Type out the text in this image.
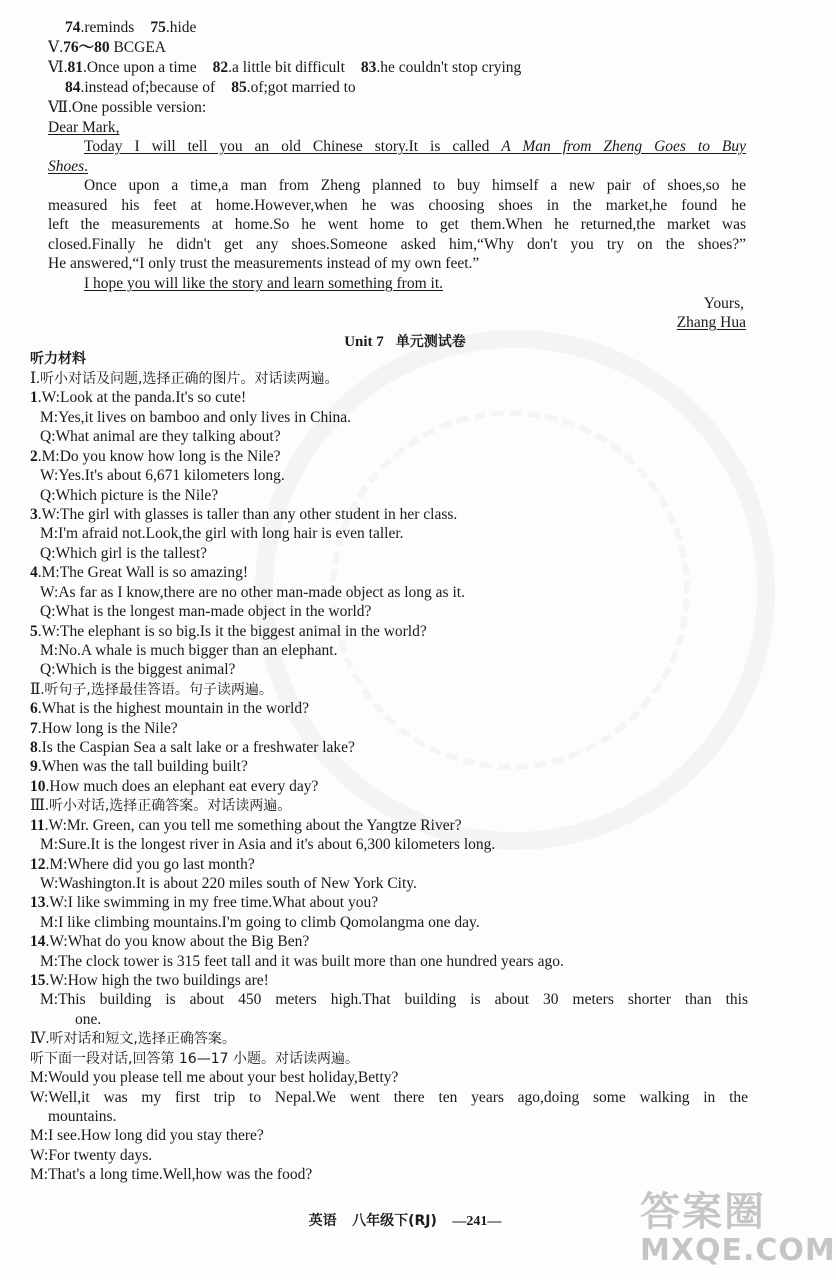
74.reminds 75.hide
Ⅴ.76～80 BCGEA
Ⅵ.81.Once upon a time 82.a little bit difficult 83.he couldn't stop crying
84.instead of;because of 85.of;got married to
Ⅶ.One possible version:
Dear Mark,
Today I will tell you an old Chinese story.It is called A Man from Zheng Goes to Buy
Shoes.
Once upon a time,a man from Zheng planned to buy himself a new pair of shoes,so he
measured his feet at home.However,when he was choosing shoes in the market,he found he
left the measurements at home.So he went home to get them.When he returned,the market was
closed.Finally he didn't get any shoes.Someone asked him,“Why don't you try on the shoes?”
He answered,“I only trust the measurements instead of my own feet.”
I hope you will like the story and learn something from it.
Yours,
Zhang Hua
Unit 7 单元测试卷
听力材料
Ⅰ.听小对话及问题,选择正确的图片。对话读两遍。
1.W:Look at the panda.It's so cute!
M:Yes,it lives on bamboo and only lives in China.
Q:What animal are they talking about?
2.M:Do you know how long is the Nile?
W:Yes.It's about 6,671 kilometers long.
Q:Which picture is the Nile?
3.W:The girl with glasses is taller than any other student in her class.
M:I'm afraid not.Look,the girl with long hair is even taller.
Q:Which girl is the tallest?
4.M:The Great Wall is so amazing!
W:As far as I know,there are no other man-made object as long as it.
Q:What is the longest man-made object in the world?
5.W:The elephant is so big.Is it the biggest animal in the world?
M:No.A whale is much bigger than an elephant.
Q:Which is the biggest animal?
Ⅱ.听句子,选择最佳答语。句子读两遍。
6.What is the highest mountain in the world?
7.How long is the Nile?
8.Is the Caspian Sea a salt lake or a freshwater lake?
9.When was the tall building built?
10.How much does an elephant eat every day?
Ⅲ.听小对话,选择正确答案。对话读两遍。
11.W:Mr. Green, can you tell me something about the Yangtze River?
M:Sure.It is the longest river in Asia and it's about 6,300 kilometers long.
12.M:Where did you go last month?
W:Washington.It is about 220 miles south of New York City.
13.W:I like swimming in my free time.What about you?
M:I like climbing mountains.I'm going to climb Qomolangma one day.
14.W:What do you know about the Big Ben?
M:The clock tower is 315 feet tall and it was built more than one hundred years ago.
15.W:How high the two buildings are!
M:This building is about 450 meters high.That building is about 30 meters shorter than this
one.
Ⅳ.听对话和短文,选择正确答案。
听下面一段对话,回答第 16—17 小题。对话读两遍。
M:Would you please tell me about your best holiday,Betty?
W:Well,it was my first trip to Nepal.We went there ten years ago,doing some walking in the
mountains.
M:I see.How long did you stay there?
W:For twenty days.
M:That's a long time.Well,how was the food?
英语 八年级下(RJ) —241—	答案圈
MXQE.COM
